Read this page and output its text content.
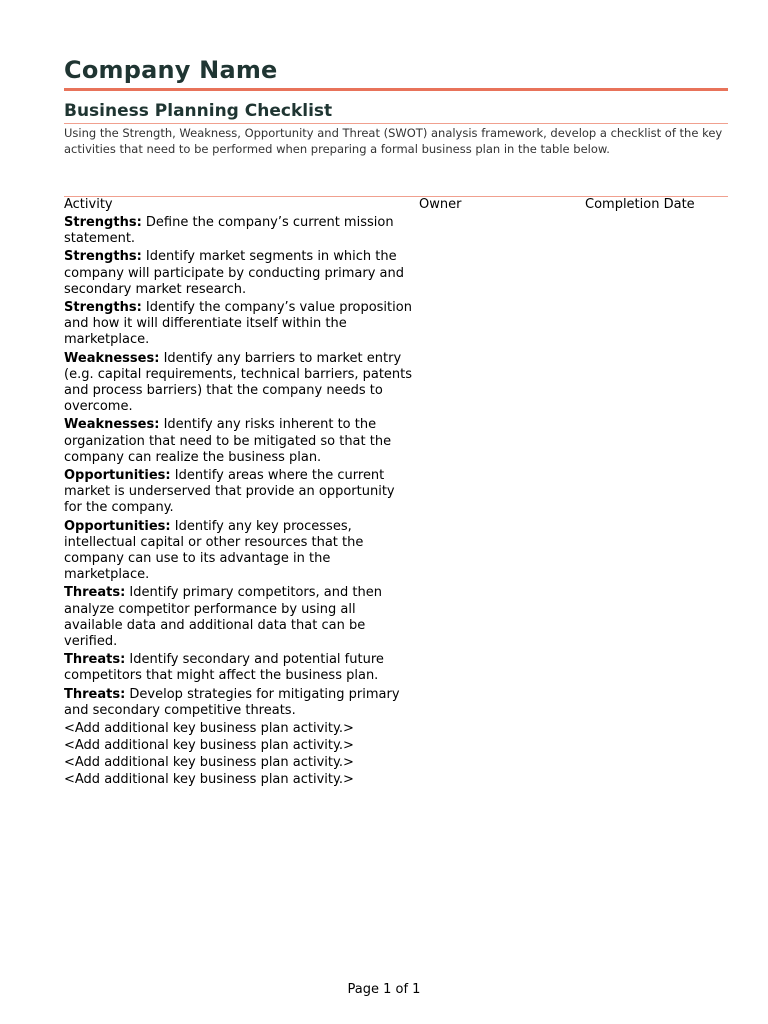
Company Name
Business Planning Checklist
Using the Strength, Weakness, Opportunity and Threat (SWOT) analysis framework, develop a checklist of the key activities that need to be performed when preparing a formal business plan in the table below.
Activity	Owner	Completion Date
Strengths: Define the company’s current mission statement.
Strengths: Identify market segments in which the company will participate by conducting primary and secondary market research.
Strengths: Identify the company’s value proposition and how it will differentiate itself within the marketplace.
Weaknesses: Identify any barriers to market entry (e.g. capital requirements, technical barriers, patents and process barriers) that the company needs to overcome.
Weaknesses: Identify any risks inherent to the organization that need to be mitigated so that the company can realize the business plan.
Opportunities: Identify areas where the current market is underserved that provide an opportunity for the company.
Opportunities: Identify any key processes, intellectual capital or other resources that the company can use to its advantage in the marketplace.
Threats: Identify primary competitors, and then analyze competitor performance by using all available data and additional data that can be verified.
Threats: Identify secondary and potential future competitors that might affect the business plan.
Threats: Develop strategies for mitigating primary and secondary competitive threats.
<Add additional key business plan activity.>
<Add additional key business plan activity.>
<Add additional key business plan activity.>
<Add additional key business plan activity.>
Page 1 of 1
